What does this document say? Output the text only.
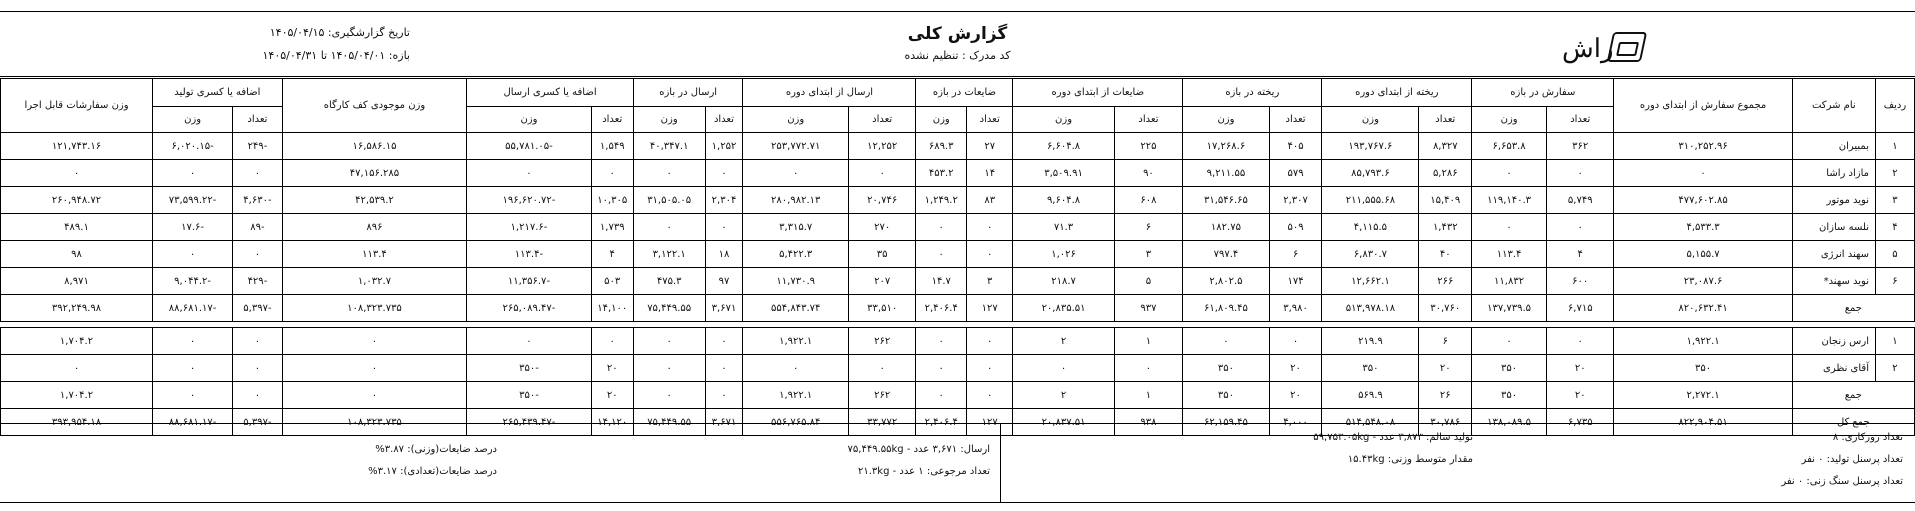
گزارش کلی
کد مدرک : تنظیم نشده
تاریخ گزارشگیری: ۱۴۰۵/۰۴/۱۵
بازه: ۱۴۰۵/۰۴/۰۱ تا ۱۴۰۵/۰۴/۳۱	راش
ردیف	نام شرکت	مجموع سفارش از ابتدای دوره	سفارش در بازه		ریخته از ابتدای دوره		ریخته در بازه		ضایعات از ابتدای دوره		ضایعات در بازه		ارسال از ابتدای دوره		ارسال در بازه		اضافه یا کسری ارسال		وزن موجودی کف کارگاه	اضافه یا کسری تولید		وزن سفارشات قابل اجرا
			تعداد	وزن	تعداد	وزن	تعداد	وزن	تعداد	وزن	تعداد	وزن	تعداد	وزن	تعداد	وزن	تعداد	وزن		تعداد	وزن	
۱	بمبیران	۳۱۰,۲۵۲.۹۶	۳۶۲	۶,۶۵۳.۸	۸,۳۲۷	۱۹۳,۷۶۷.۶	۴۰۵	۱۷,۲۶۸.۶	۲۲۵	۶,۶۰۴.۸	۲۷	۶۸۹.۳	۱۲,۲۵۲	۲۵۳,۷۷۲.۷۱	۱,۲۵۲	۴۰,۳۴۷.۱	۱,۵۴۹	-۵۵,۷۸۱.۰۵	۱۶,۵۸۶.۱۵	-۲۴۹	-۶,۰۲۰.۱۵	۱۲۱,۷۴۳.۱۶
۲	مازاد راشا	۰	۰	۰	۵,۲۸۶	۸۵,۷۹۳.۶	۵۷۹	۹,۲۱۱.۵۵	۹۰	۳,۵۰۹.۹۱	۱۴	۴۵۳.۲	۰	۰	۰	۰	۰	۰	۴۷,۱۵۶.۲۸۵	۰	۰	۰
۳	نوید موتور	۴۷۷,۶۰۲.۸۵	۵,۷۴۹	۱۱۹,۱۴۰.۳	۱۵,۴۰۹	۲۱۱,۵۵۵.۶۸	۲,۳۰۷	۳۱,۵۴۶.۶۵	۶۰۸	۹,۶۰۴.۸	۸۳	۱,۲۴۹.۲	۲۰,۷۴۶	۲۸۰,۹۸۲.۱۳	۲,۳۰۴	۳۱,۵۰۵.۰۵	۱۰,۳۰۵	-۱۹۶,۶۲۰.۷۲	۴۲,۵۳۹.۲	-۴,۶۳۰	-۷۳,۵۹۹.۲۲	۲۶۰,۹۴۸.۷۲
۴	نلسه سازان	۴,۵۳۳.۳	۰	۰	۱,۴۳۲	۴,۱۱۵.۵	۵۰۹	۱۸۲.۷۵	۶	۷۱.۳	۰	۰	۲۷۰	۳,۳۱۵.۷	۰	۰	۱,۷۳۹	-۱,۲۱۷.۶	۸۹۶	-۸۹	-۱۷.۶	۴۸۹.۱
۵	سهند انرژی	۵,۱۵۵.۷	۴	۱۱۳.۴	۴۰	۶,۸۳۰.۷	۶	۷۹۷.۴	۳	۱,۰۲۶	۰	۰	۳۵	۵,۴۲۲.۳	۱۸	۳,۱۲۲.۱	۴	-۱۱۳.۴	۱۱۳.۴	۰	۰	۹۸
۶	نوید سهند*	۲۳,۰۸۷.۶	۶۰۰	۱۱,۸۳۲	۲۶۶	۱۲,۶۶۲.۱	۱۷۴	۲,۸۰۲.۵	۵	۲۱۸.۷	۳	۱۴.۷	۲۰۷	۱۱,۷۳۰.۹	۹۷	۴۷۵.۳	۵۰۳	-۱۱,۳۵۶.۷	۱,۰۳۲.۷	-۴۲۹	-۹,۰۴۴.۲	۸,۹۷۱
جمع		۸۲۰,۶۳۲.۴۱	۶,۷۱۵	۱۳۷,۷۳۹.۵	۳۰,۷۶۰	۵۱۳,۹۷۸.۱۸	۳,۹۸۰	۶۱,۸۰۹.۴۵	۹۳۷	۲۰,۸۳۵.۵۱	۱۲۷	۲,۴۰۶.۴	۳۳,۵۱۰	۵۵۴,۸۴۳.۷۴	۳,۶۷۱	۷۵,۴۴۹.۵۵	۱۴,۱۰۰	-۲۶۵,۰۸۹.۴۷	۱۰۸,۳۲۳.۷۳۵	-۵,۳۹۷	-۸۸,۶۸۱.۱۷	۳۹۲,۲۴۹.۹۸

۱	ارس زنجان	۱,۹۲۲.۱	۰	۰	۶	۲۱۹.۹	۰	۰	۱	۲	۰	۰	۲۶۲	۱,۹۲۲.۱	۰	۰	۰	۰	۰	۰	۰	۱,۷۰۴.۲
۲	آقای نظری	۳۵۰	۲۰	۳۵۰	۲۰	۳۵۰	۲۰	۳۵۰	۰	۰	۰	۰	۰	۰	۰	۰	۲۰	-۳۵۰	۰	۰	۰	۰
جمع		۲,۲۷۲.۱	۲۰	۳۵۰	۲۶	۵۶۹.۹	۲۰	۳۵۰	۱	۲	۰	۰	۲۶۲	۱,۹۲۲.۱	۰	۰	۲۰	-۳۵۰	۰	۰	۰	۱,۷۰۴.۲
جمع کل		۸۲۲,۹۰۴.۵۱	۶,۷۳۵	۱۳۸,۰۸۹.۵	۳۰,۷۸۶	۵۱۴,۵۴۸.۰۸	۴,۰۰۰	۶۲,۱۵۹.۴۵	۹۳۸	۲۰,۸۳۷.۵۱	۱۲۷	۲,۴۰۶.۴	۳۳,۷۷۲	۵۵۶,۷۶۵.۸۴	۳,۶۷۱	۷۵,۴۴۹.۵۵	۱۴,۱۲۰	-۲۶۵,۴۳۹.۴۷	۱۰۸,۳۲۳.۷۳۵	-۵,۳۹۷	-۸۸,۶۸۱.۱۷	۳۹۳,۹۵۴.۱۸
تعداد روزکاری: ۸
تعداد پرسنل تولید: ۰ نفر
تعداد پرسنل سنگ زنی: ۰ نفر
تولید سالم: ۳,۸۷۳ عدد - ۵۹,۷۵۳.۰۵kg
مقدار متوسط وزنی: ۱۵.۴۳kg
ارسال: ۳,۶۷۱ عدد - ۷۵,۴۴۹.۵۵kg
تعداد مرجوعی: ۱ عدد - ۲۱.۳kg
درصد ضایعات(وزنی): ۳.۸۷%
درصد ضایعات(تعدادی): ۳.۱۷%
